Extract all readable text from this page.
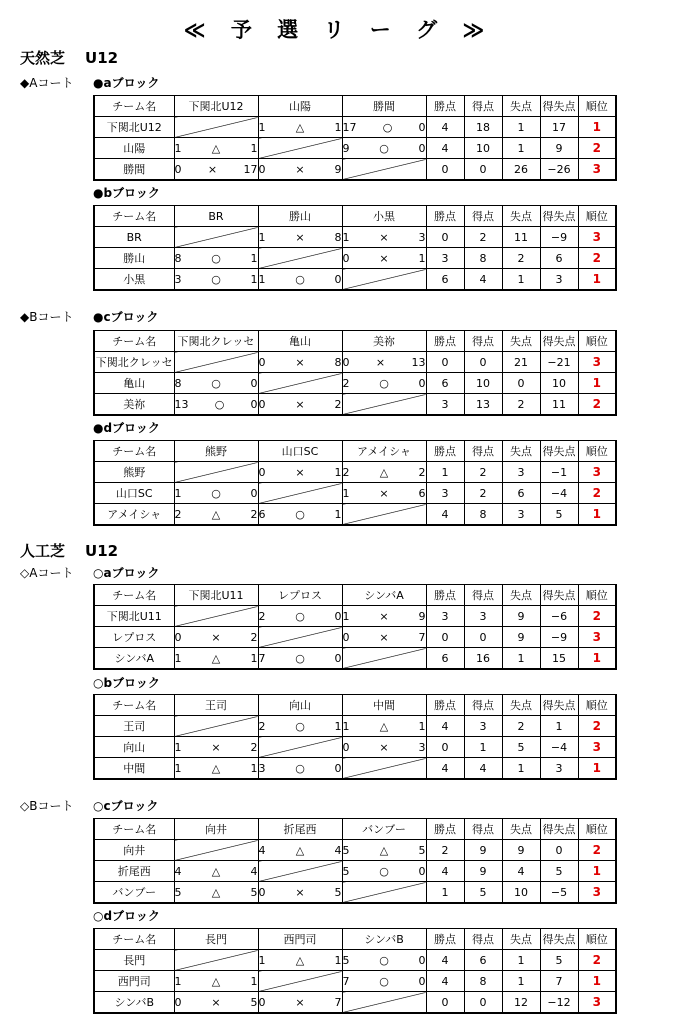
≪ 予 選 リ ー グ ≫
天然芝 U12
◆Aコート ●aブロック
チーム名	下関北U12	山陽	勝間	勝点	得点	失点	得失点	順位
下関北U12		1 △ 1	17 ○ 0	4	18	1	17	1
山陽	1 △ 1		9 ○ 0	4	10	1	9	2
勝間	0 × 17	0 × 9		0	0	26	−26	3
●bブロック
チーム名	BR	勝山	小黒	勝点	得点	失点	得失点	順位
BR		1 × 8	1 × 3	0	2	11	−9	3
勝山	8 ○ 1		0 × 1	3	8	2	6	2
小黒	3 ○ 1	1 ○ 0		6	4	1	3	1
◆Bコート ●cブロック
チーム名	下関北クレッセ	亀山	美祢	勝点	得点	失点	得失点	順位
下関北クレッセ		0 × 8	0 × 13	0	0	21	−21	3
亀山	8 ○ 0		2 ○ 0	6	10	0	10	1
美祢	13 ○ 0	0 × 2		3	13	2	11	2
●dブロック
チーム名	熊野	山口SC	アメイシャ	勝点	得点	失点	得失点	順位
熊野		0 × 1	2 △ 2	1	2	3	−1	3
山口SC	1 ○ 0		1 × 6	3	2	6	−4	2
アメイシャ	2 △ 2	6 ○ 1		4	8	3	5	1
人工芝 U12
◇Aコート ○aブロック
チーム名	下関北U11	レプロス	シンバA	勝点	得点	失点	得失点	順位
下関北U11		2 ○ 0	1 × 9	3	3	9	−6	2
レプロス	0 × 2		0 × 7	0	0	9	−9	3
シンバA	1 △ 1	7 ○ 0		6	16	1	15	1
○bブロック
チーム名	王司	向山	中間	勝点	得点	失点	得失点	順位
王司		2 ○ 1	1 △ 1	4	3	2	1	2
向山	1 × 2		0 × 3	0	1	5	−4	3
中間	1 △ 1	3 ○ 0		4	4	1	3	1
◇Bコート ○cブロック
チーム名	向井	折尾西	バンブー	勝点	得点	失点	得失点	順位
向井		4 △ 4	5 △ 5	2	9	9	0	2
折尾西	4 △ 4		5 ○ 0	4	9	4	5	1
バンブー	5 △ 5	0 × 5		1	5	10	−5	3
○dブロック
チーム名	長門	西門司	シンバB	勝点	得点	失点	得失点	順位
長門		1 △ 1	5 ○ 0	4	6	1	5	2
西門司	1 △ 1		7 ○ 0	4	8	1	7	1
シンバB	0 × 5	0 × 7		0	0	12	−12	3
